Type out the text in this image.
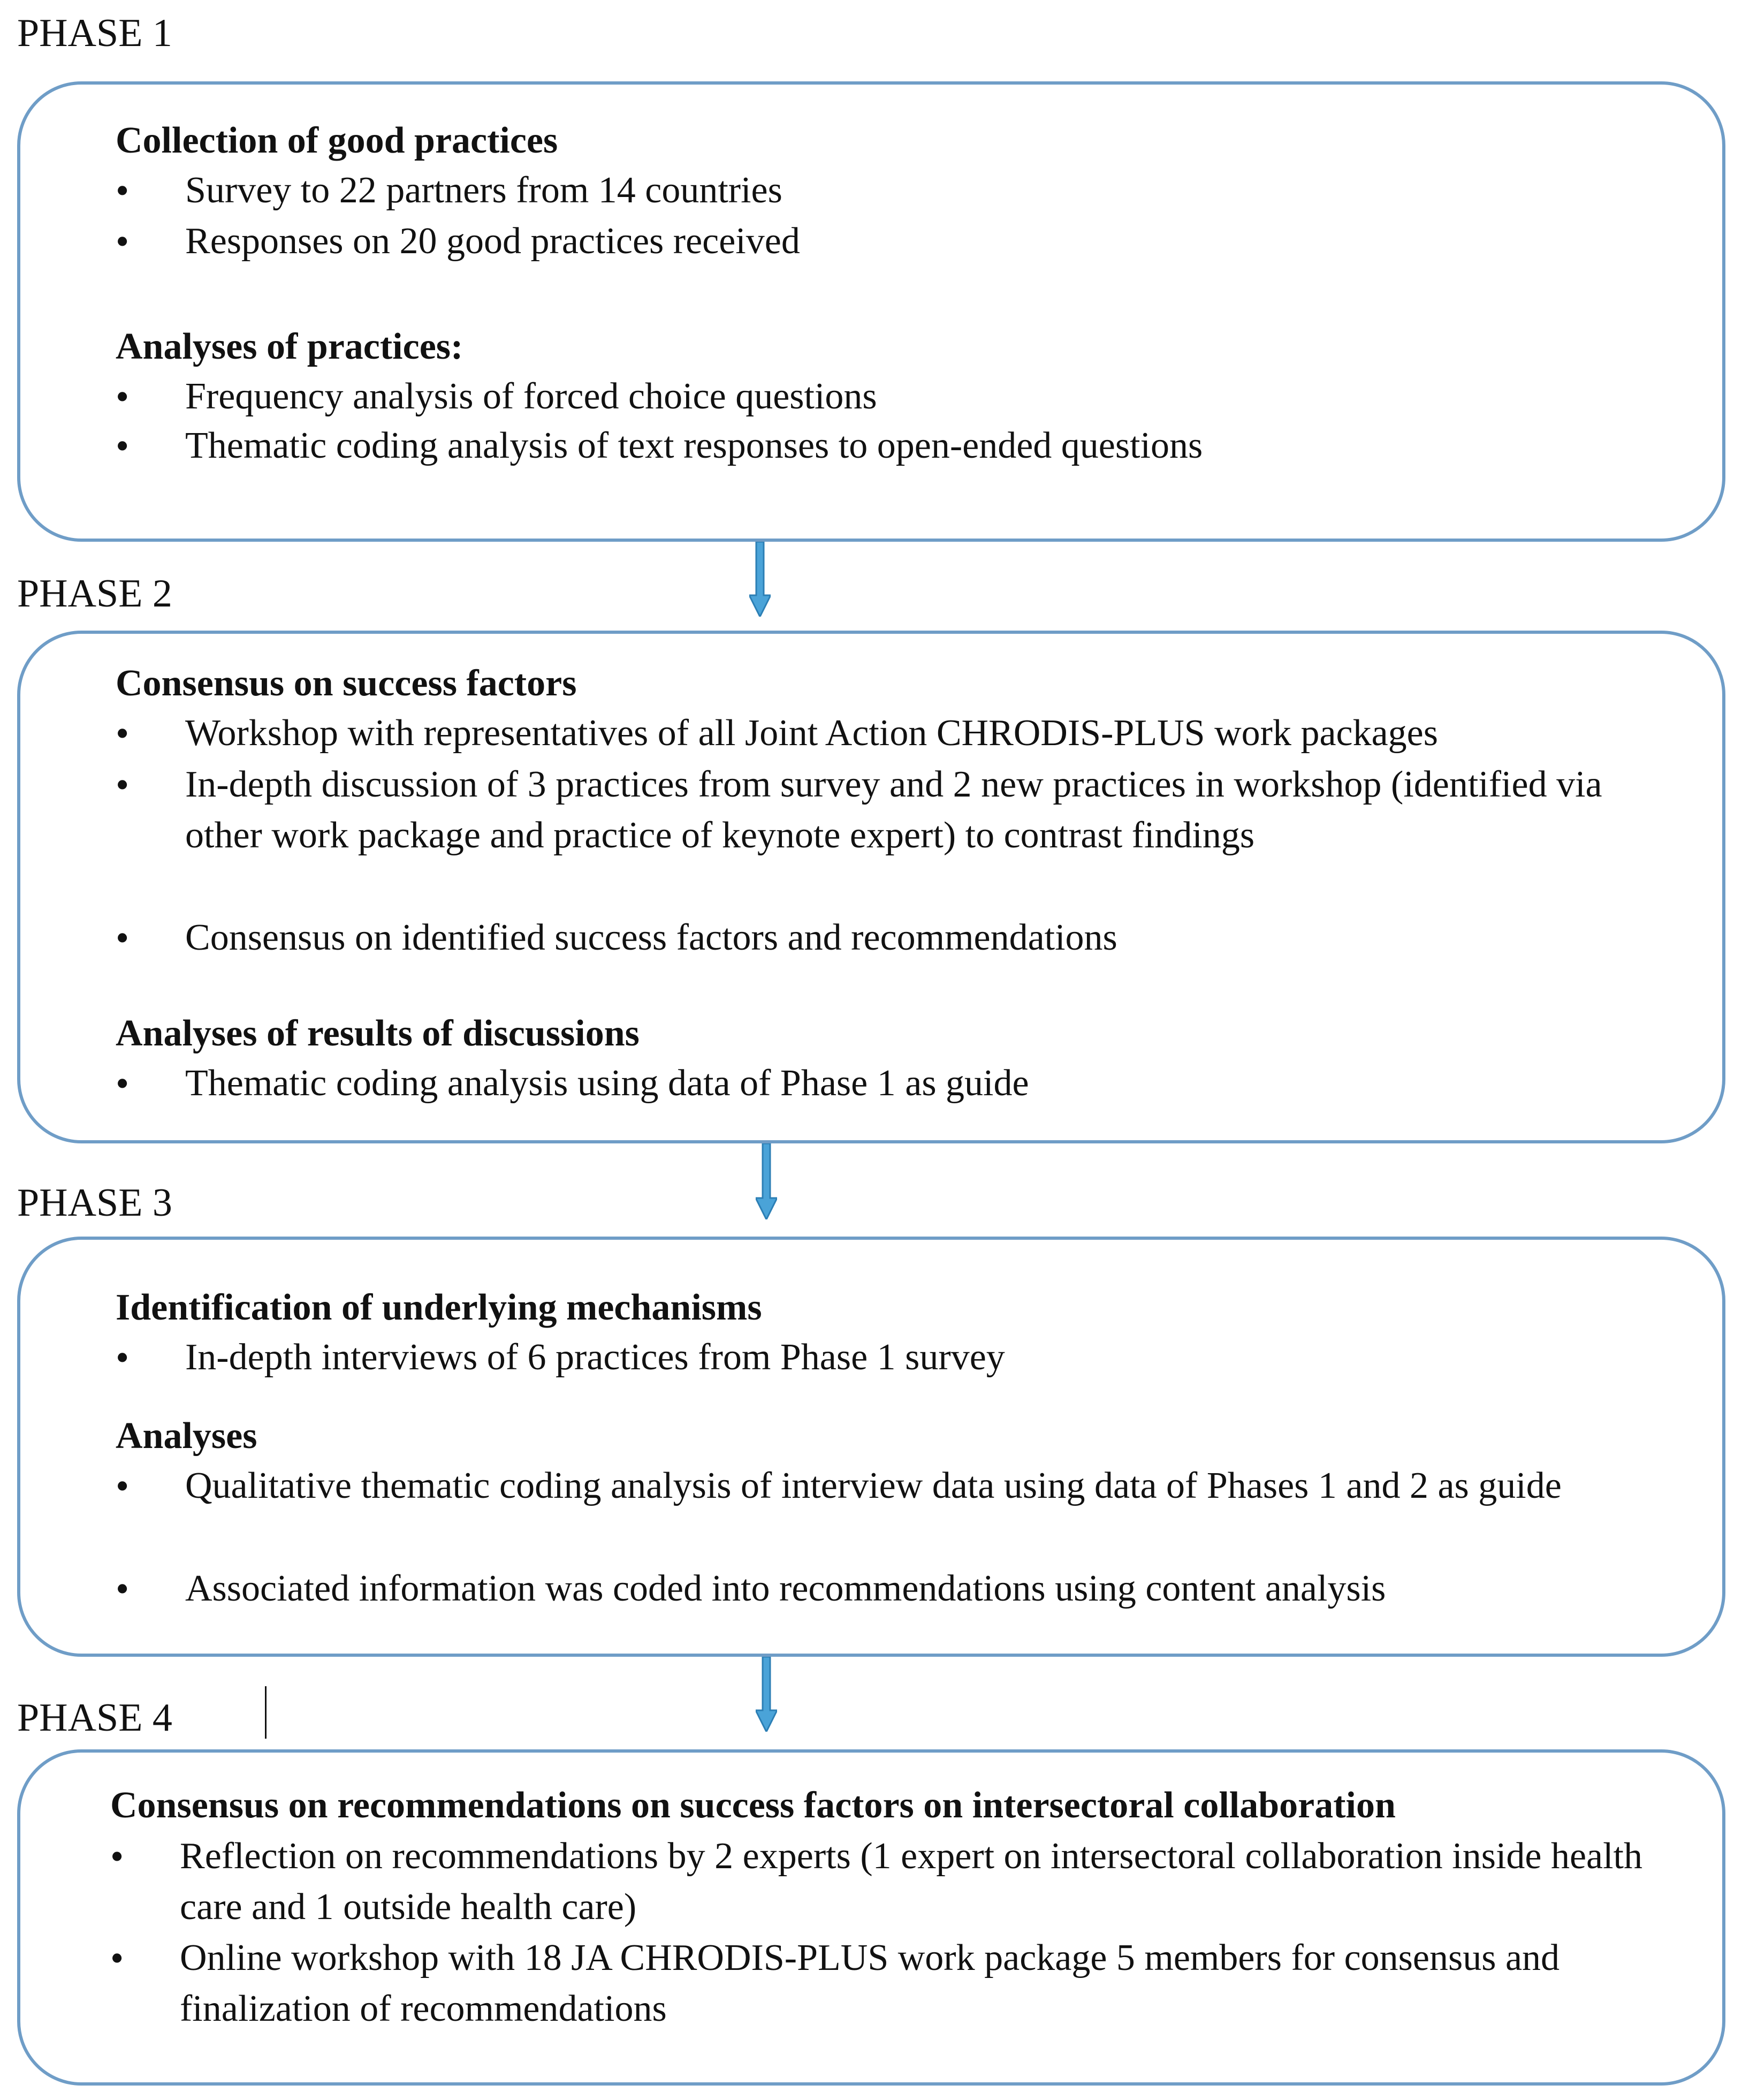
PHASE 1
Collection of good practices
• Survey to 22 partners from 14 countries
• Responses on 20 good practices received
Analyses of practices:
• Frequency analysis of forced choice questions
• Thematic coding analysis of text responses to open-ended questions
PHASE 2
Consensus on success factors
• Workshop with representatives of all Joint Action CHRODIS-PLUS work packages
• In-depth discussion of 3 practices from survey and 2 new practices in workshop (identified via other work package and practice of keynote expert) to contrast findings
• Consensus on identified success factors and recommendations
Analyses of results of discussions
• Thematic coding analysis using data of Phase 1 as guide
PHASE 3
Identification of underlying mechanisms
• In-depth interviews of 6 practices from Phase 1 survey
Analyses
• Qualitative thematic coding analysis of interview data using data of Phases 1 and 2 as guide
• Associated information was coded into recommendations using content analysis
PHASE 4
Consensus on recommendations on success factors on intersectoral collaboration
• Reflection on recommendations by 2 experts (1 expert on intersectoral collaboration inside health care and 1 outside health care)
• Online workshop with 18 JA CHRODIS-PLUS work package 5 members for consensus and finalization of recommendations
